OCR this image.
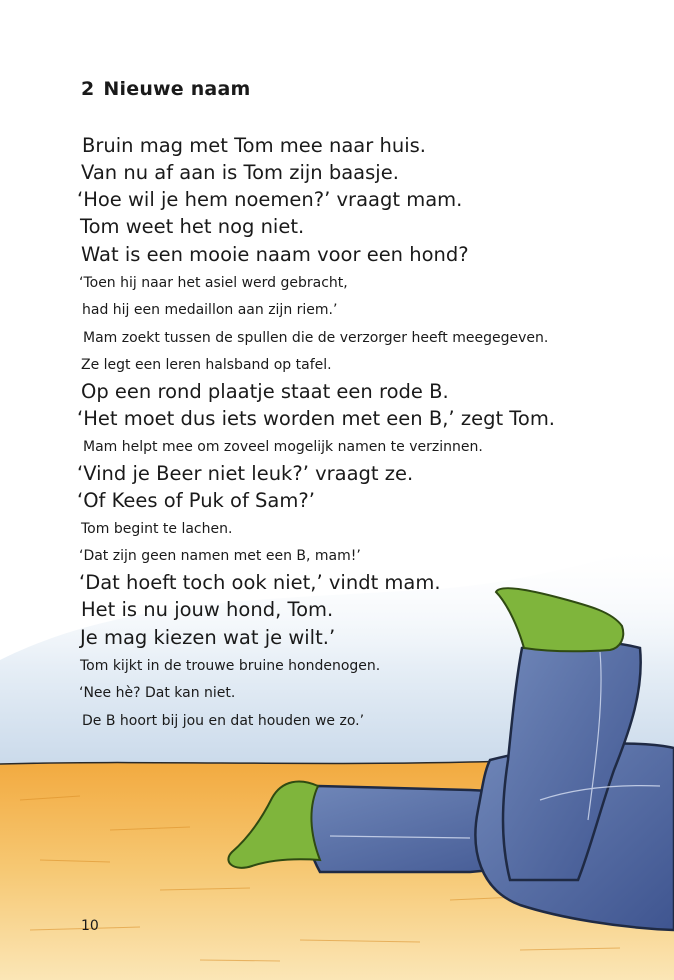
2 Nieuwe naam

Bruin mag met Tom mee naar huis.

Van nu af aan is Tom zijn baasje.

‘Hoe wil je hem noemen?’ vraagt mam.

Tom weet het nog niet.

Wat is een mooie naam voor een hond?

‘Toen hij naar het asiel werd gebracht,

had hij een medaillon aan zijn riem.’

Mam zoekt tussen de spullen die de verzorger heeft meegegeven.

Ze legt een leren halsband op tafel.

Op een rond plaatje staat een rode B.

‘Het moet dus iets worden met een B,’ zegt Tom.

Mam helpt mee om zoveel mogelijk namen te verzinnen.

‘Vind je Beer niet leuk?’ vraagt ze.

‘Of Kees of Puk of Sam?’

Tom begint te lachen.

‘Dat zijn geen namen met een B, mam!’

‘Dat hoeft toch ook niet,’ vindt mam.

Het is nu jouw hond, Tom.

Je mag kiezen wat je wilt.’

Tom kijkt in de trouwe bruine hondenogen.

‘Nee hè? Dat kan niet.

De B hoort bij jou en dat houden we zo.’

10
